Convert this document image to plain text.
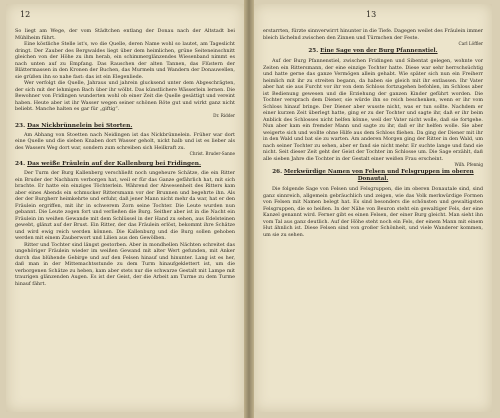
12

So liegt am Wege, der vom Städtchen entlang der Donau nach der Altstadt bei Mühlheim führt.

Eine köstliche Stelle ist's, wo die Quelle, deren Name wohl so lautet, am Tageslicht dringt. Der Zauber des Bergwaldes liegt über dem heimlichen, grüne Seiteneinschnitt gleichen von der Höhe zu ihm herab, ein schimmerglänzendes Wiesenband nimmt es nach unten auf zu Empfang. Das Rauschen der alten Tannen, das Flüstern der Blättermassen in den Kronen der Buchen, das Murmeln und Wandern der Donauwellen, sie grüßen ihn so nahe fast: das ist ein Elegenliede.

Wer verfolgt die Quelle, Jahraus und jahrein glucksend unter dem Abgeschrägten, der sich mit der lehmigen Bach über ihr wölbt. Das künstlichere Wässerlein lernen. Die Bewohner von Fridingen wunderten wohl ob einer Zeit die Quelle gesättigt und vereint haben. Heute aber ist ihr Wasser wegen seiner schönen Röte gut und wirkt ganz nicht beliebt. Manche halten es gar für „giftig“.

Dr. Ridder
23. Das Nickbrünnelein bei Storten.

Am Abhang von Stoetten nach Neidingen ist das Nickbrünnelein. Früher war dort eine Quelle und die sieben Knaben dort Wasser geholt, nickt halb und ist es lieber als des Wassers Weg dort war, sondern zum schreiben sich Heilkraft zu.

Christ. Bruder-Sanne
24. Das weiße Fräulein auf der Kallenburg bei Fridingen.

Der Turm der Burg Kallenberg verschließt noch ungeheure Schätze, die ein Ritter ein Bruder der Nachbarn verborgen hat, weil er für das Ganze gefährlich hat, mit sich brachte. Er hatte ein einziges Töchterlein. Während der Abwesenheit des Ritters kam aber eines Abends ein schmucker Rittersmann vor der Brunnen und begehrte ihn. Als der der Burgherr heimkehrte und erfuhr, daß jener Mann nicht mehr da war, hat er den Fräulein ergriffen, mit ihr in schwerem Zorn seine Tochter. Die Leute wurden nun gebannt. Die Leute zogen fort und verließen die Burg. Seither aber ist in die Nacht ein Fräulein im weißen Gewande mit dem Schlüssel in der Hand zu sehen, aus Edelsteinen gewebt, glänzt auf der Brust. Ein Ritter, der das Fräulein erlöst, bekommt ihre Schätze und wird ewig reich werden können. Die Kallenburg und die Burg sollen gehoben werden mit einem Zauberwort und Lilien aus den Gewölben.

Ritter und Tochter sind längst gestorben. Aber in mondhellen Nächten schreitet das ungehöriger Fräulein wieder im weißen Gewand mit alter Wert gefunden, mit Anker durch das blühende Gebirge und auf den Felsen hinauf und hinunter. Lang ist es her, daß man in der Mittemachtsstunde zu dem Turm hinaufgeklettert ist, um die verborgenen Schätze zu heben, kam aber stets nur die schwarze Gestalt mit Lampe mit traurigen glänzenden Augen. Es ist der Geist, der die Arbeit am Turme zu dem Turme hinauf fährt.

13

erstarrten, fürzte sinnverwirrt hinunter in die Tiefe. Dagegen weilet des Fräulein immer bleich lächelnd zwischen den Zinnen und Türmchen der Feste.

Carl Löffler
25. Eine Sage von der Burg Pfannenstiel.

Auf der Burg Pfannenstiel, zwischen Fridingen und Sibentat gelegen, wohnte vor Zeiten ein Rittersmann, der eine einzige Tochter hatte. Diese war sehr herrschsüchtig und hatte gerne das ganze Vermögen allein gehabt. Wie später sich nun ein Freiherr heimlich mit ihr zu streiten begann, da haben sie gleich mit ihr entlassen. Ihr Vater aber hat sie aus Furcht vor ihr von dem Schloss fortzugehen befohlen, im Schloss aber ist Bedienung gewesen und die Erziehung der ganzen Kinder geführt worden. Die Tochter versprach dem Diener, sie würde ihn so reich beschenken, wenn er ihr vom Schloss hinauf bringe. Der Diener aber wusste nicht, was er tun sollte. Nachdem er einer kurzen Zeit überlegt hatte, ging er zu der Tochter und sagte ihr, daß er ihr beim Anblick des Schlosses nicht helfen könne, weil der Vater nicht wolle, daß sie fortgehe. Nun aber kam ein fremder Mann und sagte zu ihr, daß er ihr helfen wolle. Sie aber weigerte sich und wollte ohne Hilfe aus dem Schloss fliehen. Da ging der Diener mit ihr in den Wald und bat sie zu warten. Am anderen Morgen ging der Ritter in den Wald, um nach seiner Tochter zu sehen, aber er fand sie nicht mehr. Er suchte lange und fand sie nicht. Seit dieser Zeit geht der Geist der Tochter im Schlosse um. Die Sage erzählt, daß alle sieben Jahre die Tochter in der Gestalt einer weißen Frau erscheint.

Wilh. Pfennig
26. Merkwürdige Namen von Felsen und Felsgruppen im oberen Donautal.

Die folgende Sage von Felsen und Felsgruppen, die im oberen Donautale sind, sind ganz sinnreich, allgemein gebräuchlich und zeigen, wie das Volk merkwürdige Formen von Felsen mit Namen belegt hat. Es sind besonders die schönsten und gewaltigsten Felsgruppen, die so heißen. In der Nähe von Beuron steht ein gewaltiger Fels, der eine Kanzel genannt wird. Ferner gibt es einen Felsen, der einer Burg gleicht. Man sieht ihn vom Tal aus ganz deutlich. Auf der Höhe steht noch ein Fels, der einem Mann mit einem Hut ähnlich ist. Diese Felsen sind von großer Schönheit, und viele Wanderer kommen, um sie zu sehen.
